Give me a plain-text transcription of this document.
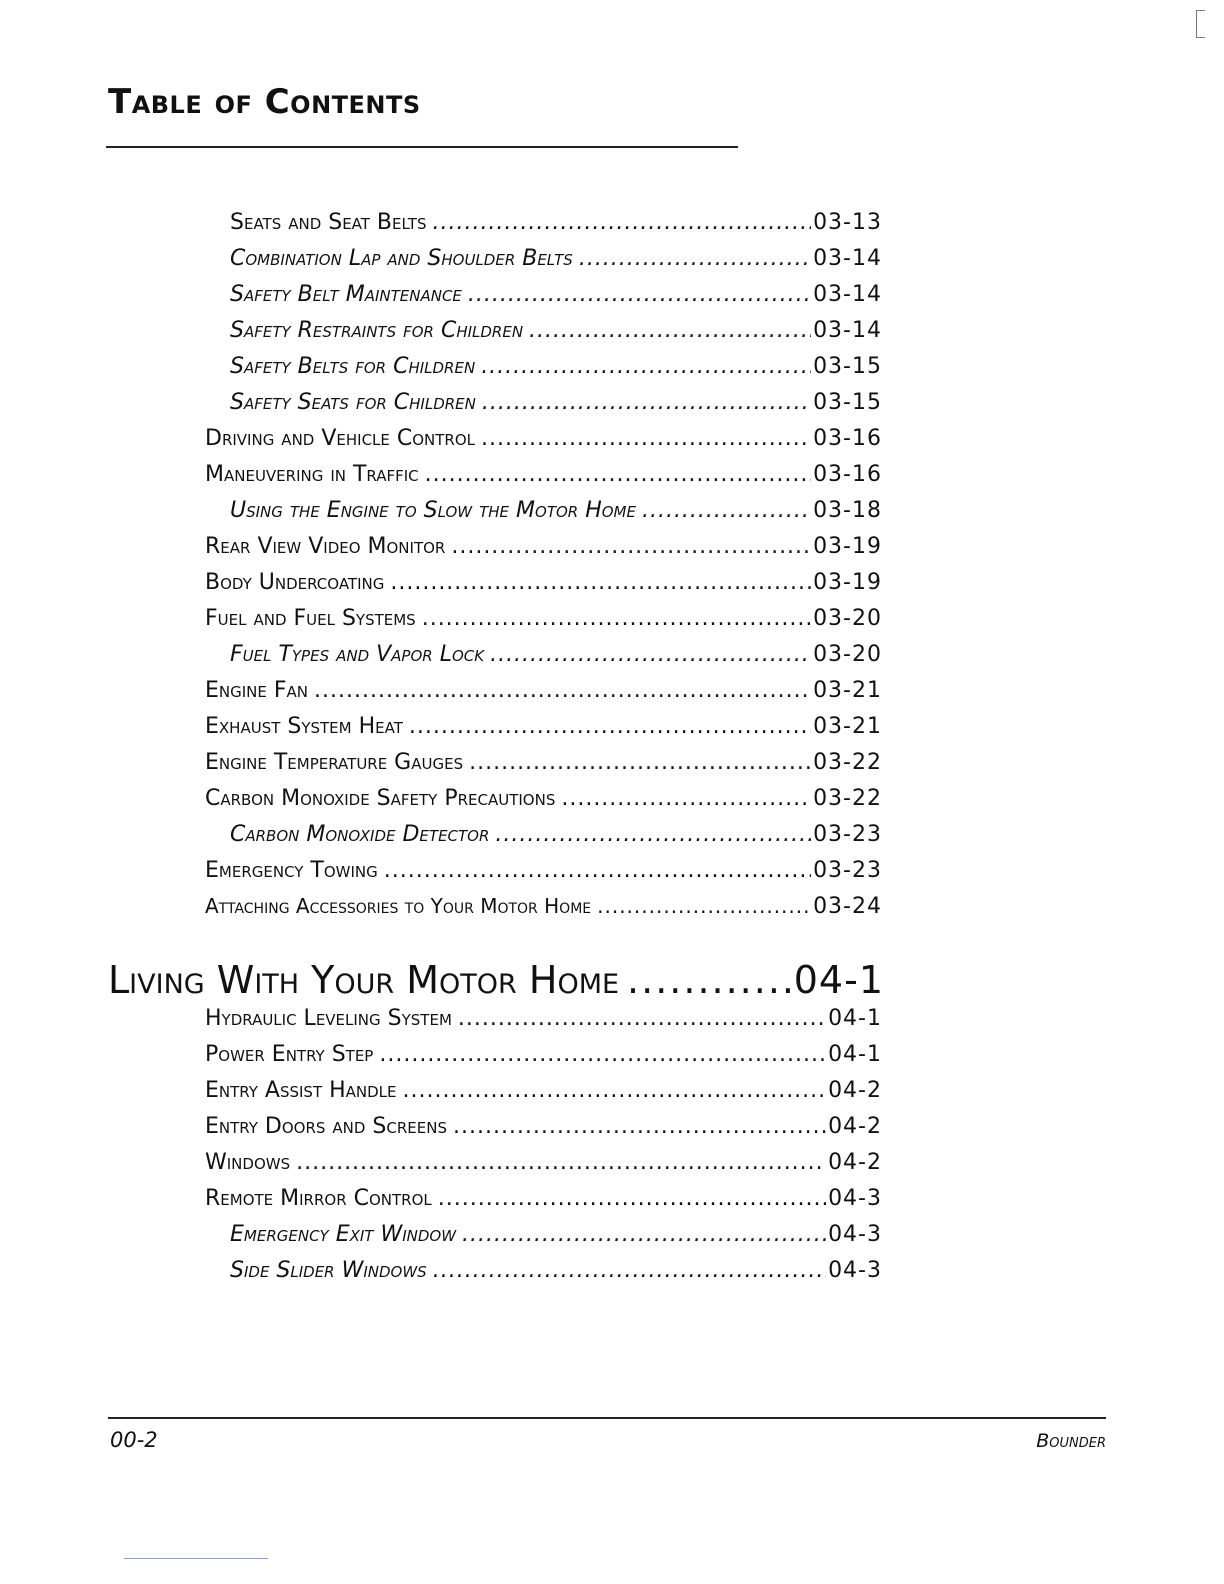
Table of Contents
Seats and Seat Belts .....	03-13
Combination Lap and Shoulder Belts .....	03-14
Safety Belt Maintenance .....	03-14
Safety Restraints for Children .....	03-14
Safety Belts for Children .....	03-15
Safety Seats for Children .....	03-15
Driving and Vehicle Control .....	03-16
Maneuvering in Traffic .....	03-16
Using the Engine to Slow the Motor Home .....	03-18
Rear View Video Monitor .....	03-19
Body Undercoating .....	03-19
Fuel and Fuel Systems .....	03-20
Fuel Types and Vapor Lock .....	03-20
Engine Fan .....	03-21
Exhaust System Heat .....	03-21
Engine Temperature Gauges .....	03-22
Carbon Monoxide Safety Precautions .....	03-22
Carbon Monoxide Detector .....	03-23
Emergency Towing .....	03-23
Attaching Accessories to Your Motor Home .....	03-24
Living With Your Motor Home .....	04-1
Hydraulic Leveling System .....	04-1
Power Entry Step .....	04-1
Entry Assist Handle .....	04-2
Entry Doors and Screens .....	04-2
Windows .....	04-2
Remote Mirror Control .....	04-3
Emergency Exit Window .....	04-3
Side Slider Windows .....	04-3
00-2	Bounder
